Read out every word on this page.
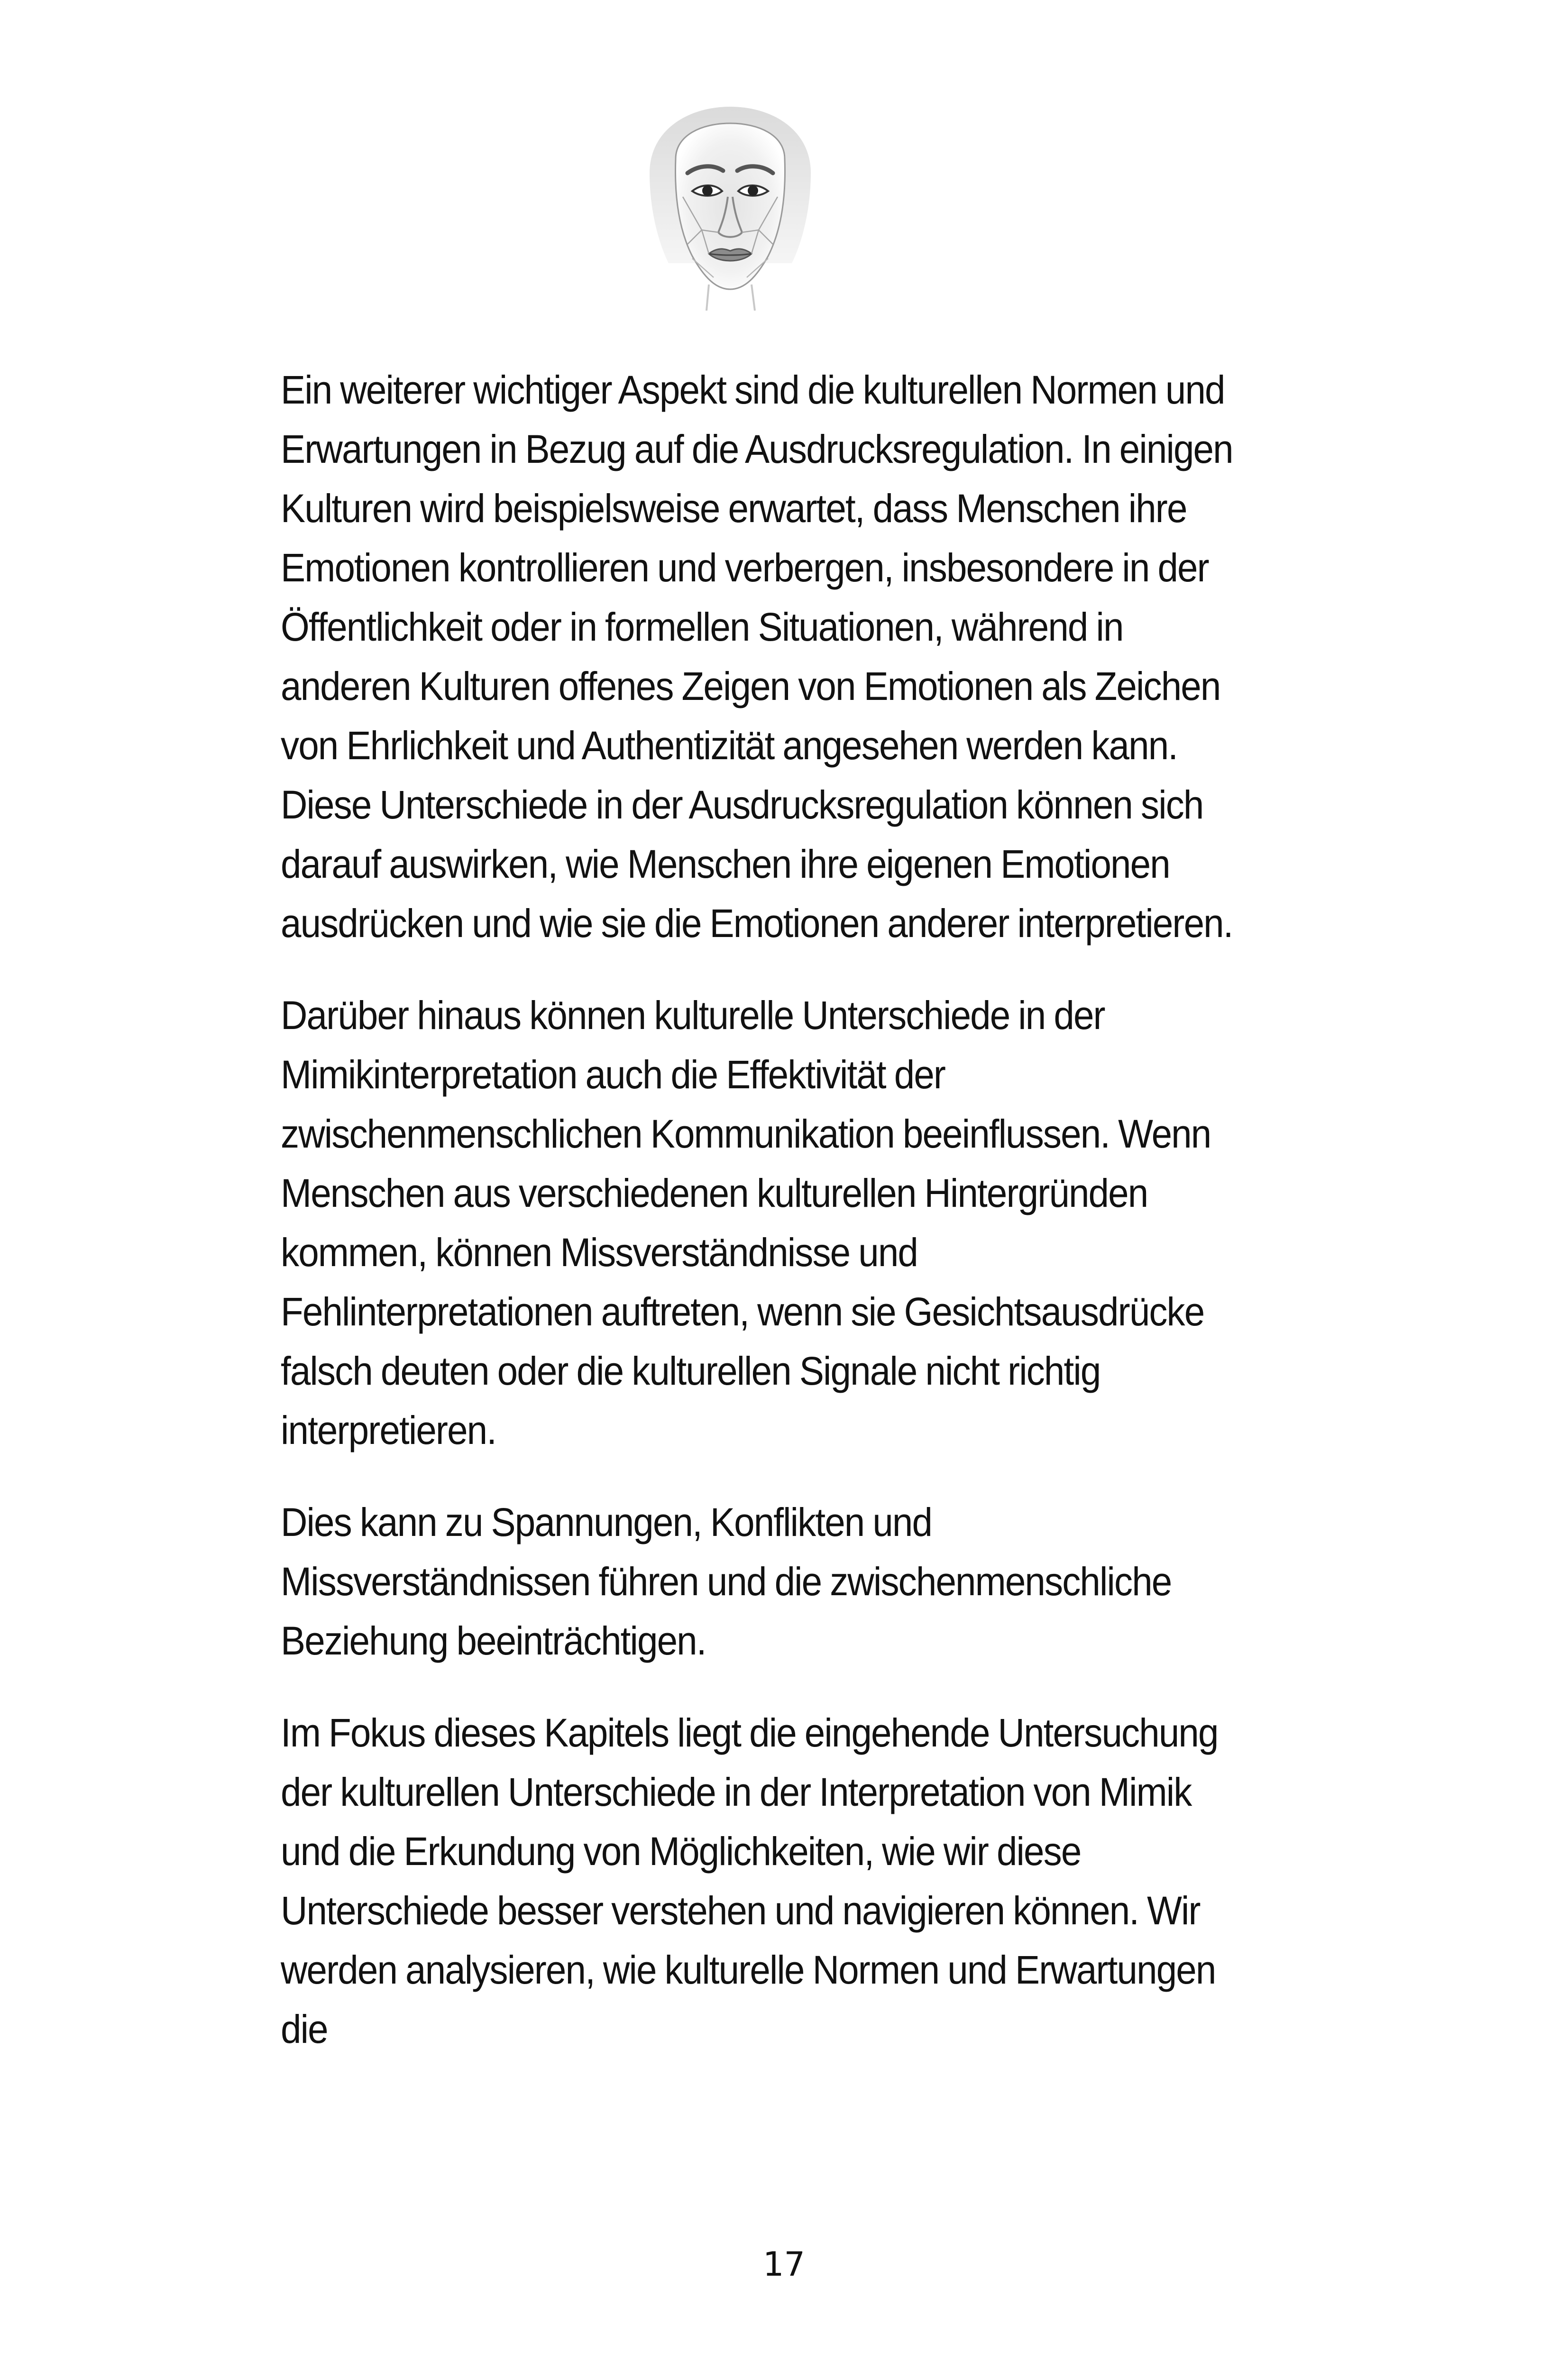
Ein weiterer wichtiger Aspekt sind die kulturellen Normen und Erwartungen in Bezug auf die Ausdrucksregulation. In einigen Kulturen wird beispielsweise erwartet, dass Menschen ihre Emotionen kontrollieren und verbergen, insbesondere in der Öffentlichkeit oder in formellen Situationen, während in anderen Kulturen offenes Zeigen von Emotionen als Zeichen von Ehrlichkeit und Authentizität angesehen werden kann. Diese Unterschiede in der Ausdrucksregulation können sich darauf auswirken, wie Menschen ihre eigenen Emotionen ausdrücken und wie sie die Emotionen anderer interpretieren.

Darüber hinaus können kulturelle Unterschiede in der Mimikinterpretation auch die Effektivität der zwischenmenschlichen Kommunikation beeinflussen. Wenn Menschen aus verschiedenen kulturellen Hintergründen kommen, können Missverständnisse und Fehlinterpretationen auftreten, wenn sie Gesichtsausdrücke falsch deuten oder die kulturellen Signale nicht richtig interpretieren.

Dies kann zu Spannungen, Konflikten und Missverständnissen führen und die zwischenmenschliche Beziehung beeinträchtigen.

Im Fokus dieses Kapitels liegt die eingehende Untersuchung der kulturellen Unterschiede in der Interpretation von Mimik und die Erkundung von Möglichkeiten, wie wir diese Unterschiede besser verstehen und navigieren können. Wir werden analysieren, wie kulturelle Normen und Erwartungen die

17
